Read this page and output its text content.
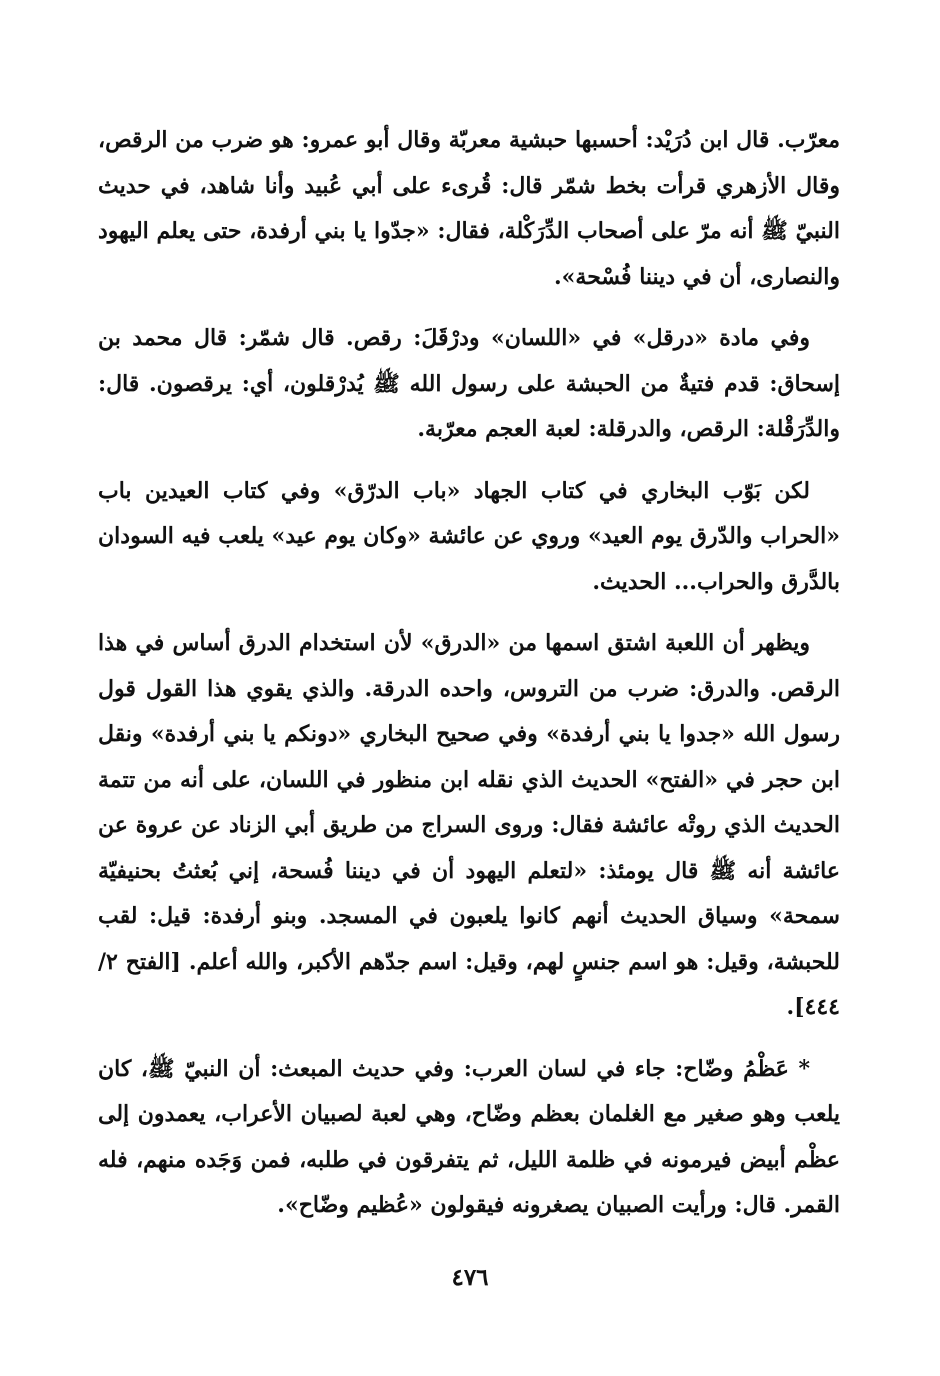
معرّب. قال ابن دُرَيْد: أحسبها حبشية معربّة وقال أبو عمرو: هو ضرب من الرقص، وقال الأزهري قرأت بخط شمّر قال: قُرىء على أبي عُبيد وأنا شاهد، في حديث النبيّ ﷺ أنه مرّ على أصحاب الدِّرَكْلة، فقال: «جدّوا يا بني أرفدة، حتى يعلم اليهود والنصارى، أن في ديننا فُسْحة».

وفي مادة «درقل» في «اللسان» ودرْقَلَ: رقص. قال شمّر: قال محمد بن إسحاق: قدم فتيةٌ من الحبشة على رسول الله ﷺ يُدرْقلون، أي: يرقصون. قال: والدِّرَقْلة: الرقص، والدرقلة: لعبة العجم معرّبة.

لكن بَوّب البخاري في كتاب الجهاد «باب الدرّق» وفي كتاب العيدين باب «الحراب والدّرق يوم العيد» وروي عن عائشة «وكان يوم عيد» يلعب فيه السودان بالدَّرق والحراب... الحديث.

ويظهر أن اللعبة اشتق اسمها من «الدرق» لأن استخدام الدرق أساس في هذا الرقص. والدرق: ضرب من التروس، واحده الدرقة. والذي يقوي هذا القول قول رسول الله «جدوا يا بني أرفدة» وفي صحيح البخاري «دونكم يا بني أرفدة» ونقل ابن حجر في «الفتح» الحديث الذي نقله ابن منظور في اللسان، على أنه من تتمة الحديث الذي روتْه عائشة فقال: وروى السراج من طريق أبي الزناد عن عروة عن عائشة أنه ﷺ قال يومئذ: «لتعلم اليهود أن في ديننا فُسحة، إني بُعثتُ بحنيفيّة سمحة» وسياق الحديث أنهم كانوا يلعبون في المسجد. وبنو أرفدة: قيل: لقب للحبشة، وقيل: هو اسم جنسٍ لهم، وقيل: اسم جدّهم الأكبر، والله أعلم. [الفتح ٢/ ٤٤٤].

* عَظْمُ وضّاح: جاء في لسان العرب: وفي حديث المبعث: أن النبيّ ﷺ، كان يلعب وهو صغير مع الغلمان بعظم وضّاح، وهي لعبة لصبيان الأعراب، يعمدون إلى عظْم أبيض فيرمونه في ظلمة الليل، ثم يتفرقون في طلبه، فمن وَجَده منهم، فله القمر. قال: ورأيت الصبيان يصغرونه فيقولون «عُظيم وضّاح».

٤٧٦
